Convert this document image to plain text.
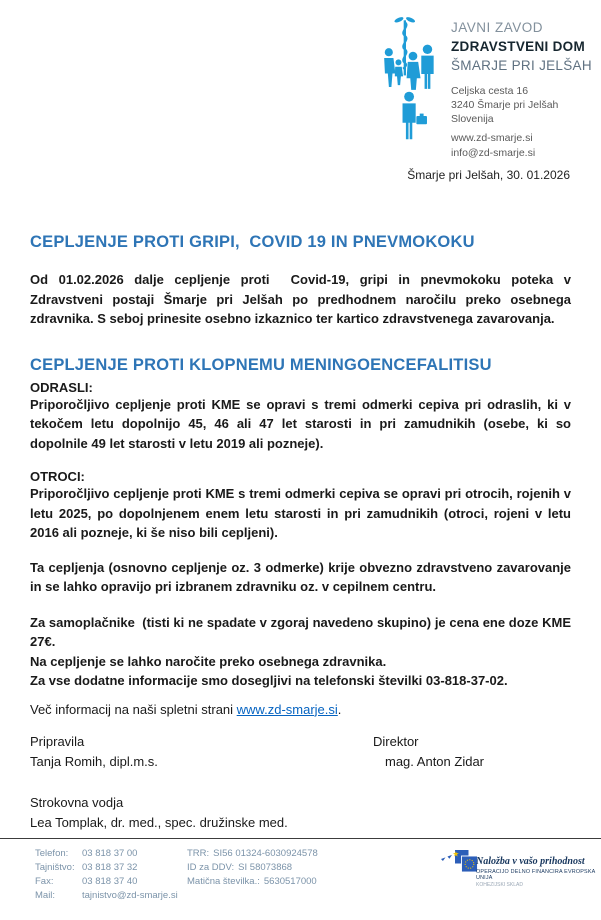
JAVNI ZAVOD
ZDRAVSTVENI DOM
ŠMARJE PRI JELŠAH
Celjska cesta 16
3240 Šmarje pri Jelšah
Slovenija
www.zd-smarje.si
info@zd-smarje.si
Šmarje pri Jelšah, 30. 01.2026
CEPLJENJE PROTI GRIPI,  COVID 19 IN PNEVMOKOKU

Od 01.02.2026 dalje cepljenje proti  Covid-19, gripi in pnevmokoku poteka v Zdravstveni postaji Šmarje pri Jelšah po predhodnem naročilu preko osebnega zdravnika. S seboj prinesite osebno izkaznico ter kartico zdravstvenega zavarovanja.

CEPLJENJE PROTI KLOPNEMU MENINGOENCEFALITISU

ODRASLI:

Priporočljivo cepljenje proti KME se opravi s tremi odmerki cepiva pri odraslih, ki v tekočem letu dopolnijo 45, 46 ali 47 let starosti in pri zamudnikih (osebe, ki so dopolnile 49 let starosti v letu 2019 ali pozneje).

OTROCI:

Priporočljivo cepljenje proti KME s tremi odmerki cepiva se opravi pri otrocih, rojenih v letu 2025, po dopolnjenem enem letu starosti in pri zamudnikih (otroci, rojeni v letu 2016 ali pozneje, ki še niso bili cepljeni).

Ta cepljenja (osnovno cepljenje oz. 3 odmerke) krije obvezno zdravstveno zavarovanje in se lahko opravijo pri izbranem zdravniku oz. v cepilnem centru.

Za samoplačnike  (tisti ki ne spadate v zgoraj navedeno skupino) je cena ene doze KME 27€.

Na cepljenje se lahko naročite preko osebnega zdravnika.

Za vse dodatne informacije smo dosegljivi na telefonski številki 03-818-37-02.

Več informacij na naši spletni strani www.zd-smarje.si.

Pripravila
Tanja Romih, dipl.m.s.
Direktor
mag. Anton Zidar
Strokovna vodja
Lea Tomplak, dr. med., spec. družinske med.
Telefon: 03 818 37 00
Tajništvo: 03 818 37 32
Fax:	03 818 37 40
Mail:	tajnistvo@zd-smarje.si
TRR: SI56 01324-6030924578
ID za DDV: SI 58073868
Matična številka.: 5630517000
★
Naložba v vašo prihodnost
OPERACIJO DELNO FINANCIRA EVROPSKA UNIJA
KOHEZIJSKI SKLAD
